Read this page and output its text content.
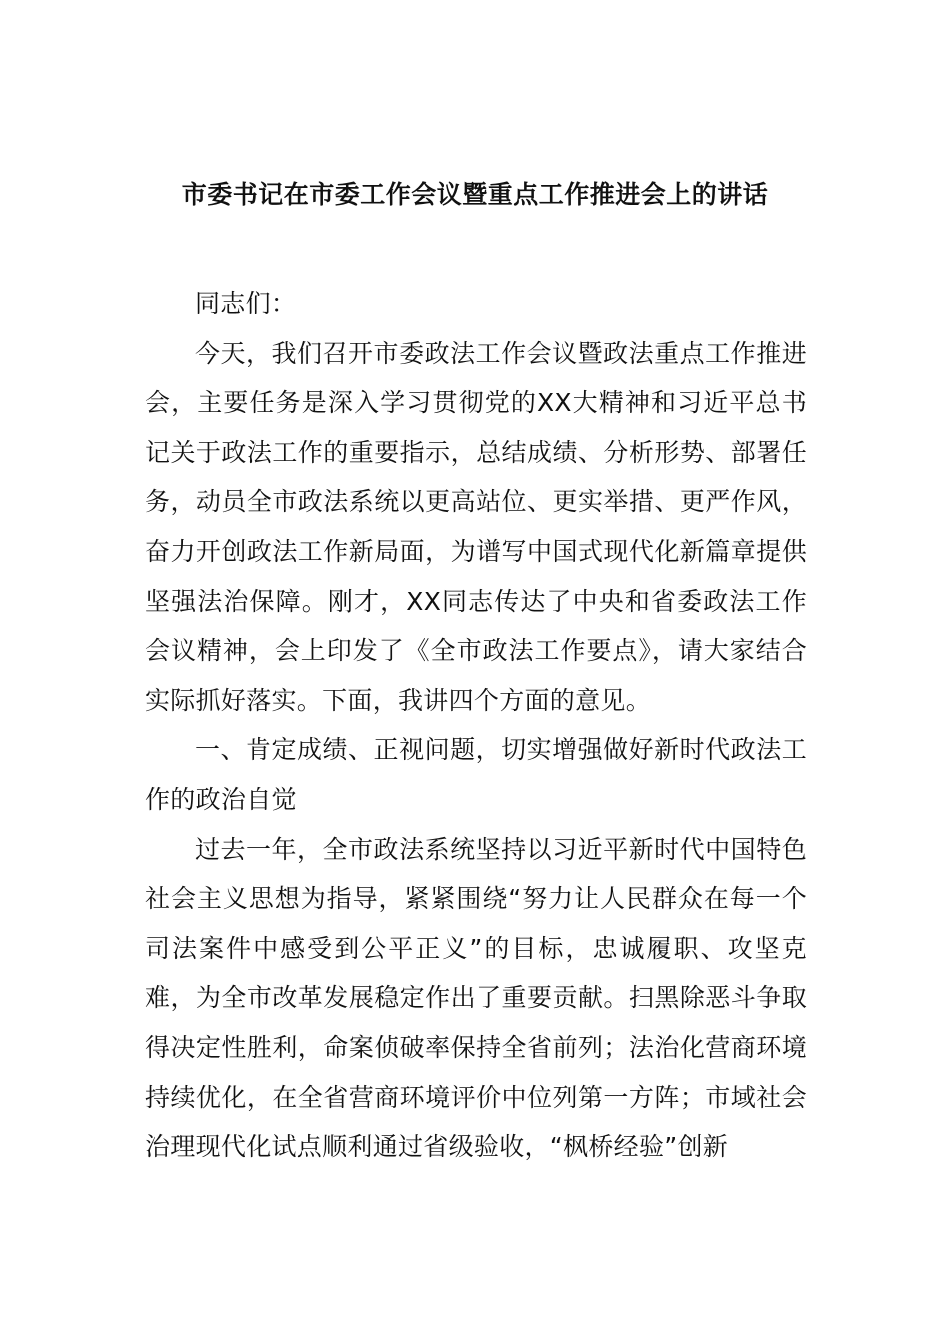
市委书记在市委工作会议暨重点工作推进会上的讲话

同志们：

今天，我们召开市委政法工作会议暨政法重点工作推进会，主要任务是深入学习贯彻党的XX大精神和习近平总书记关于政法工作的重要指示，总结成绩、分析形势、部署任务，动员全市政法系统以更高站位、更实举措、更严作风，奋力开创政法工作新局面，为谱写中国式现代化新篇章提供坚强法治保障。刚才，XX同志传达了中央和省委政法工作会议精神，会上印发了《全市政法工作要点》，请大家结合实际抓好落实。下面，我讲四个方面的意见。

一、肯定成绩、正视问题，切实增强做好新时代政法工作的政治自觉

过去一年，全市政法系统坚持以习近平新时代中国特色社会主义思想为指导，紧紧围绕“努力让人民群众在每一个司法案件中感受到公平正义”的目标，忠诚履职、攻坚克难，为全市改革发展稳定作出了重要贡献。扫黑除恶斗争取得决定性胜利，命案侦破率保持全省前列；法治化营商环境持续优化，在全省营商环境评价中位列第一方阵；市域社会治理现代化试点顺利通过省级验收，“枫桥经验”创新
